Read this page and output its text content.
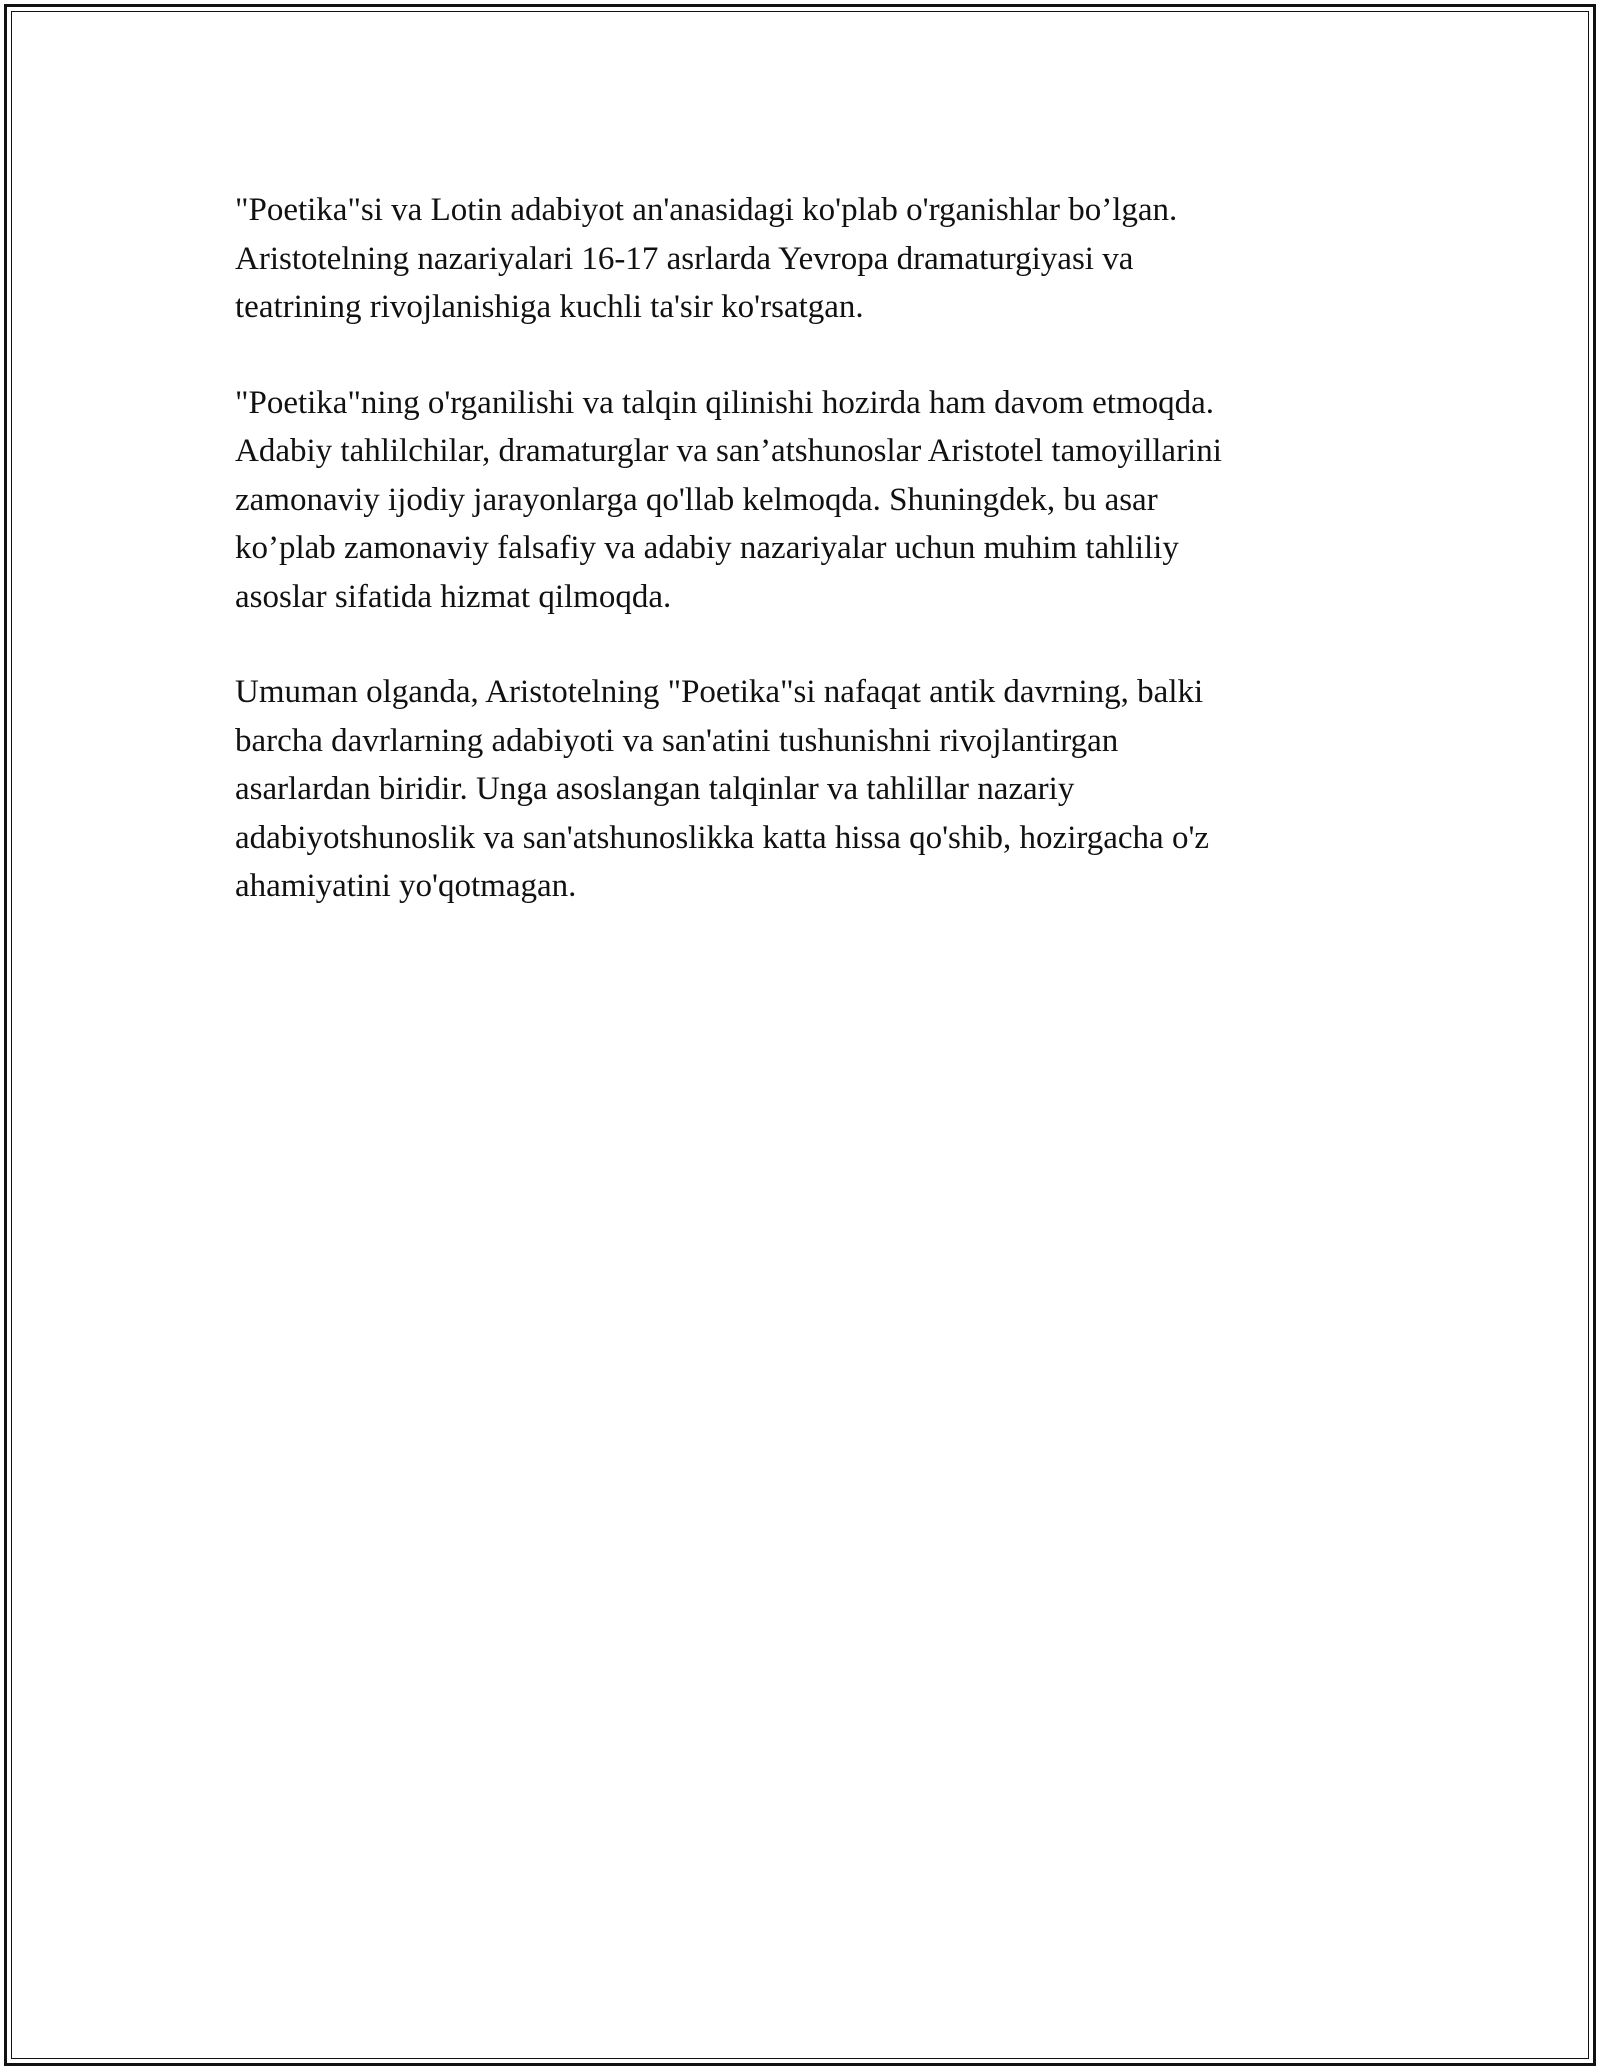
"Poetika"si va Lotin adabiyot an'anasidagi ko'plab o'rganishlar bo’lgan.
Aristotelning nazariyalari 16-17 asrlarda Yevropa dramaturgiyasi va
teatrining rivojlanishiga kuchli ta'sir ko'rsatgan.

"Poetika"ning o'rganilishi va talqin qilinishi hozirda ham davom etmoqda.
Adabiy tahlilchilar, dramaturglar va san’atshunoslar Aristotel tamoyillarini
zamonaviy ijodiy jarayonlarga qo'llab kelmoqda. Shuningdek, bu asar
ko’plab zamonaviy falsafiy va adabiy nazariyalar uchun muhim tahliliy
asoslar sifatida hizmat qilmoqda.

Umuman olganda, Aristotelning "Poetika"si nafaqat antik davrning, balki
barcha davrlarning adabiyoti va san'atini tushunishni rivojlantirgan
asarlardan biridir. Unga asoslangan talqinlar va tahlillar nazariy
adabiyotshunoslik va san'atshunoslikka katta hissa qo'shib, hozirgacha o'z
ahamiyatini yo'qotmagan.
